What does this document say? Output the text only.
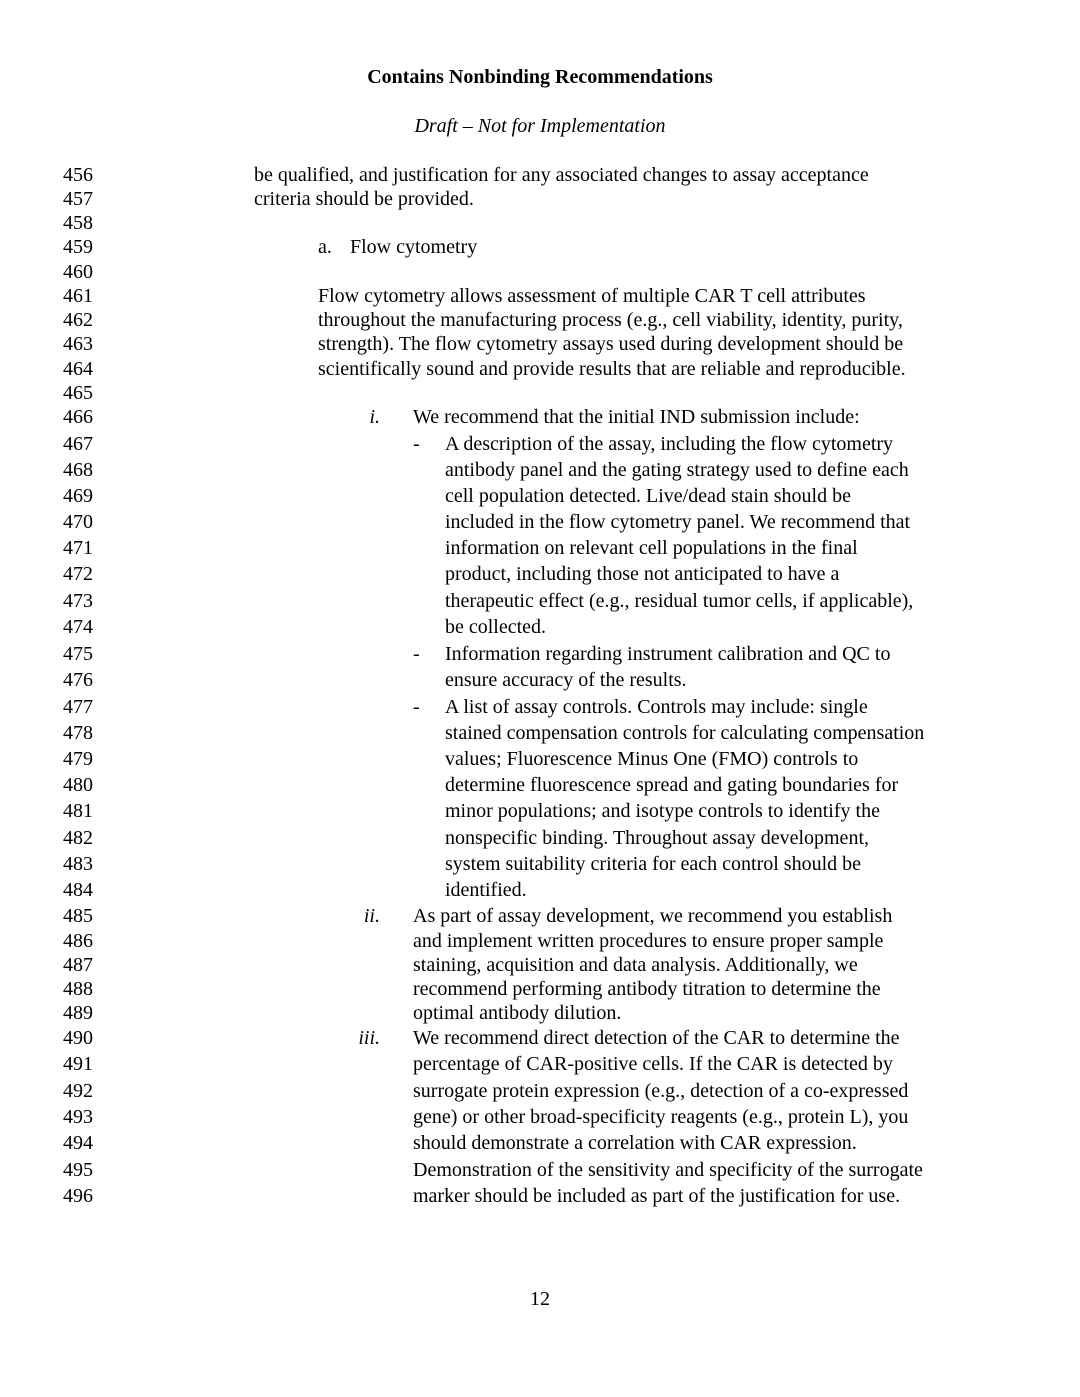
Contains Nonbinding Recommendations
Draft – Not for Implementation
456	be qualified, and justification for any associated changes to assay acceptance
457	criteria should be provided.
458
459	a. Flow cytometry
460
461	Flow cytometry allows assessment of multiple CAR T cell attributes
462	throughout the manufacturing process (e.g., cell viability, identity, purity,
463	strength). The flow cytometry assays used during development should be
464	scientifically sound and provide results that are reliable and reproducible.
465
466	i. We recommend that the initial IND submission include:
467	- A description of the assay, including the flow cytometry
468	antibody panel and the gating strategy used to define each
469	cell population detected. Live/dead stain should be
470	included in the flow cytometry panel. We recommend that
471	information on relevant cell populations in the final
472	product, including those not anticipated to have a
473	therapeutic effect (e.g., residual tumor cells, if applicable),
474	be collected.
475	- Information regarding instrument calibration and QC to
476	ensure accuracy of the results.
477	- A list of assay controls. Controls may include: single
478	stained compensation controls for calculating compensation
479	values; Fluorescence Minus One (FMO) controls to
480	determine fluorescence spread and gating boundaries for
481	minor populations; and isotype controls to identify the
482	nonspecific binding. Throughout assay development,
483	system suitability criteria for each control should be
484	identified.
485	ii. As part of assay development, we recommend you establish
486	and implement written procedures to ensure proper sample
487	staining, acquisition and data analysis. Additionally, we
488	recommend performing antibody titration to determine the
489	optimal antibody dilution.
490	iii. We recommend direct detection of the CAR to determine the
491	percentage of CAR-positive cells. If the CAR is detected by
492	surrogate protein expression (e.g., detection of a co-expressed
493	gene) or other broad-specificity reagents (e.g., protein L), you
494	should demonstrate a correlation with CAR expression.
495	Demonstration of the sensitivity and specificity of the surrogate
496	marker should be included as part of the justification for use.
12
